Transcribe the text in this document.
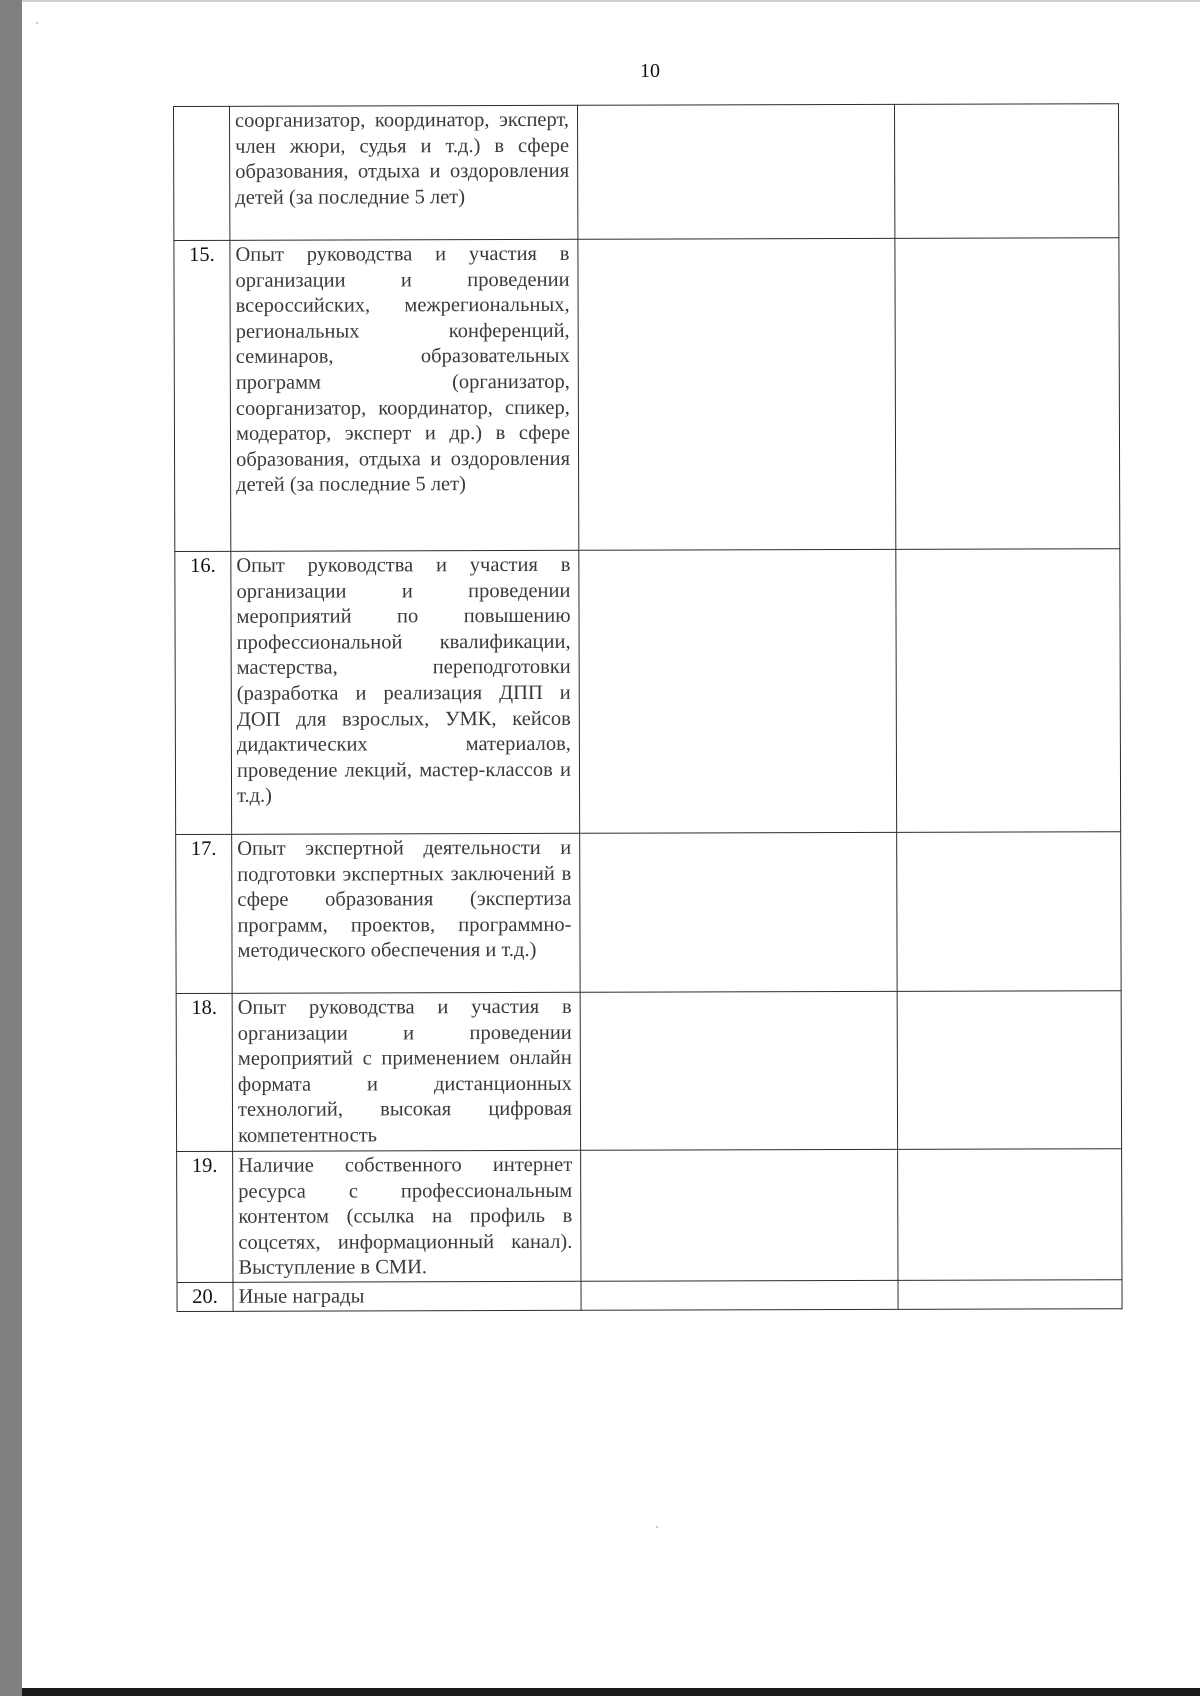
10
	соорганизатор, координатор, эксперт, член жюри, судья и т.д.) в сфере образования, отдыха и оздоровления детей (за последние 5 лет)		
15.	Опыт руководства и участия в организации и проведении всероссийских, межрегиональных, региональных конференций, семинаров, образовательных программ (организатор, соорганизатор, координатор, спикер, модератор, эксперт и др.) в сфере образования, отдыха и оздоровления детей (за последние 5 лет)		
16.	Опыт руководства и участия в организации и проведении мероприятий по повышению профессиональной квалификации, мастерства, переподготовки (разработка и реализация ДПП и ДОП для взрослых, УМК, кейсов дидактических материалов, проведение лекций, мастер-классов и т.д.)		
17.	Опыт экспертной деятельности и подготовки экспертных заключений в сфере образования (экспертиза программ, проектов, программно-методического обеспечения и т.д.)		
18.	Опыт руководства и участия в организации и проведении мероприятий с применением онлайн формата и дистанционных технологий, высокая цифровая компетентность		
19.	Наличие собственного интернет ресурса с профессиональным контентом (ссылка на профиль в соцсетях, информационный канал). Выступление в СМИ.		
20.	Иные награды		
